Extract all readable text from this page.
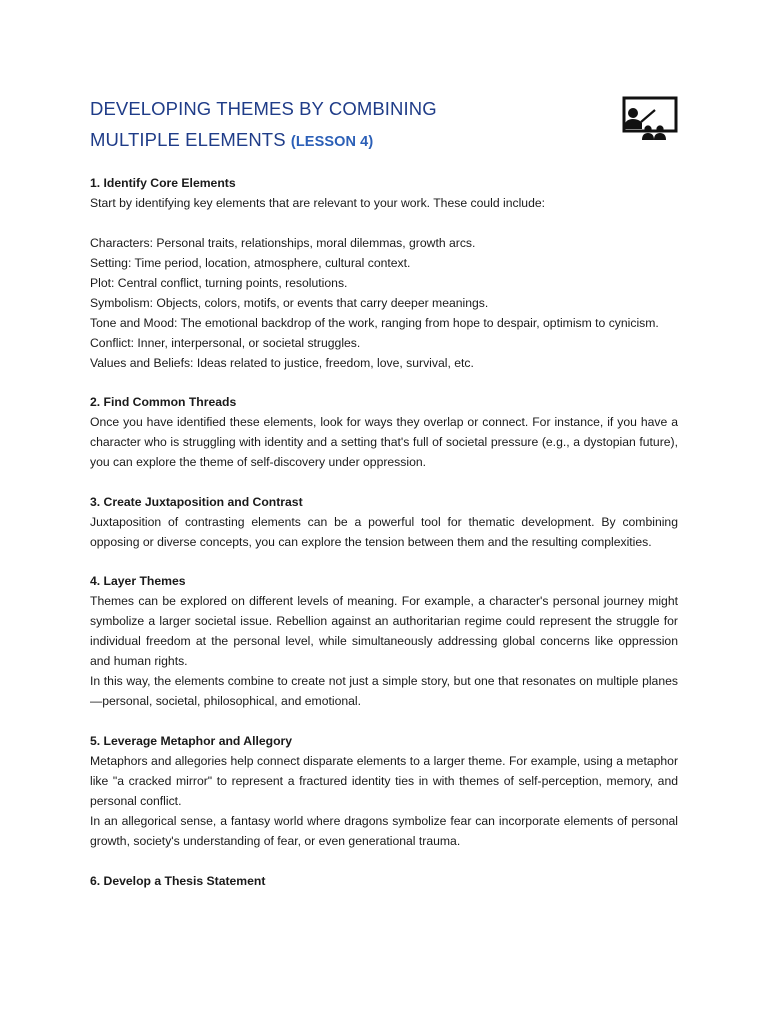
DEVELOPING THEMES BY COMBINING
MULTIPLE ELEMENTS (LESSON 4)

1. Identify Core Elements

Start by identifying key elements that are relevant to your work. These could include:

Characters: Personal traits, relationships, moral dilemmas, growth arcs.

Setting: Time period, location, atmosphere, cultural context.

Plot: Central conflict, turning points, resolutions.

Symbolism: Objects, colors, motifs, or events that carry deeper meanings.

Tone and Mood: The emotional backdrop of the work, ranging from hope to despair, optimism to cynicism.

Conflict: Inner, interpersonal, or societal struggles.

Values and Beliefs: Ideas related to justice, freedom, love, survival, etc.

2. Find Common Threads

Once you have identified these elements, look for ways they overlap or connect. For instance, if you have a character who is struggling with identity and a setting that's full of societal pressure (e.g., a dystopian future), you can explore the theme of self-discovery under oppression.

3. Create Juxtaposition and Contrast

Juxtaposition of contrasting elements can be a powerful tool for thematic development. By combining opposing or diverse concepts, you can explore the tension between them and the resulting complexities.

4. Layer Themes

Themes can be explored on different levels of meaning. For example, a character's personal journey might symbolize a larger societal issue. Rebellion against an authoritarian regime could represent the struggle for individual freedom at the personal level, while simultaneously addressing global concerns like oppression and human rights.

In this way, the elements combine to create not just a simple story, but one that resonates on multiple planes—personal, societal, philosophical, and emotional.

5. Leverage Metaphor and Allegory

Metaphors and allegories help connect disparate elements to a larger theme. For example, using a metaphor like "a cracked mirror" to represent a fractured identity ties in with themes of self-perception, memory, and personal conflict.

In an allegorical sense, a fantasy world where dragons symbolize fear can incorporate elements of personal growth, society's understanding of fear, or even generational trauma.

6. Develop a Thesis Statement
